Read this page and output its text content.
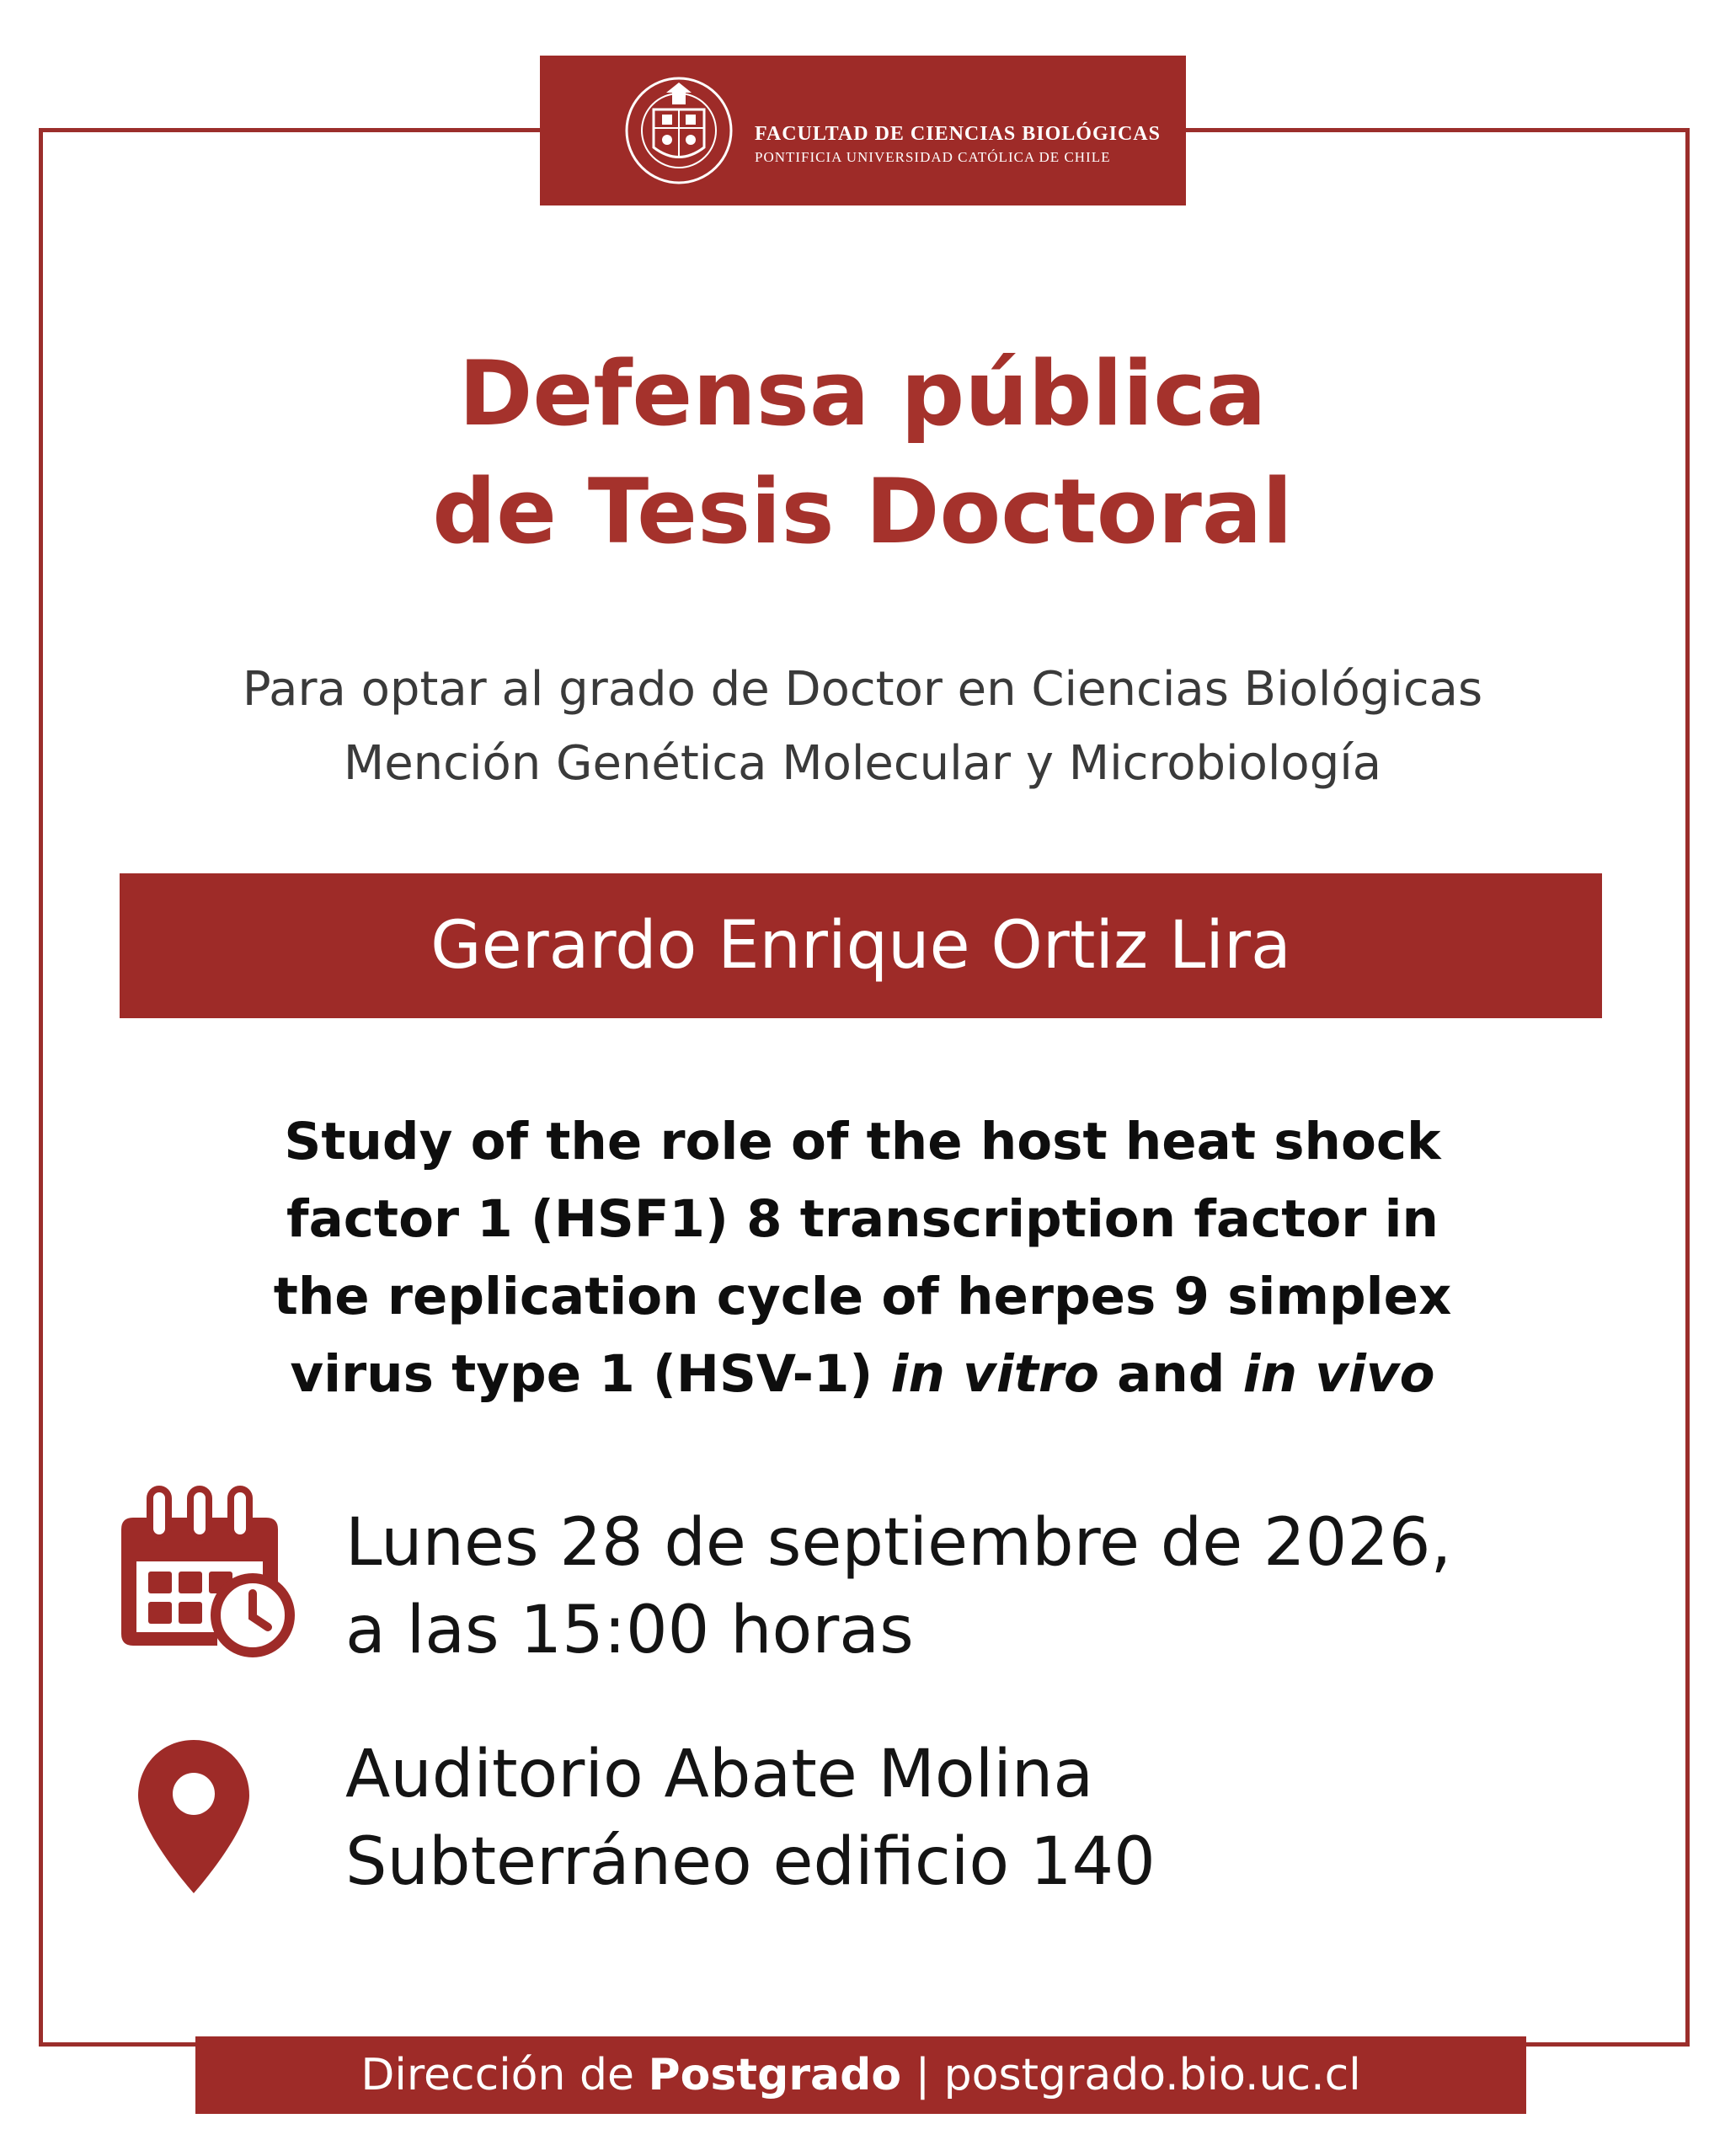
FACULTAD DE CIENCIAS BIOLÓGICAS
PONTIFICIA UNIVERSIDAD CATÓLICA DE CHILE
Defensa pública
de Tesis Doctoral
Para optar al grado de Doctor en Ciencias Biológicas
Mención Genética Molecular y Microbiología
Gerardo Enrique Ortiz Lira
Study of the role of the host heat shock
factor 1 (HSF1) 8 transcription factor in
the replication cycle of herpes 9 simplex
virus type 1 (HSV-1) in vitro and in vivo
Lunes 28 de septiembre de 2026,
a las 15:00 horas
Auditorio Abate Molina
Subterráneo edificio 140
Dirección de Postgrado | postgrado.bio.uc.cl
